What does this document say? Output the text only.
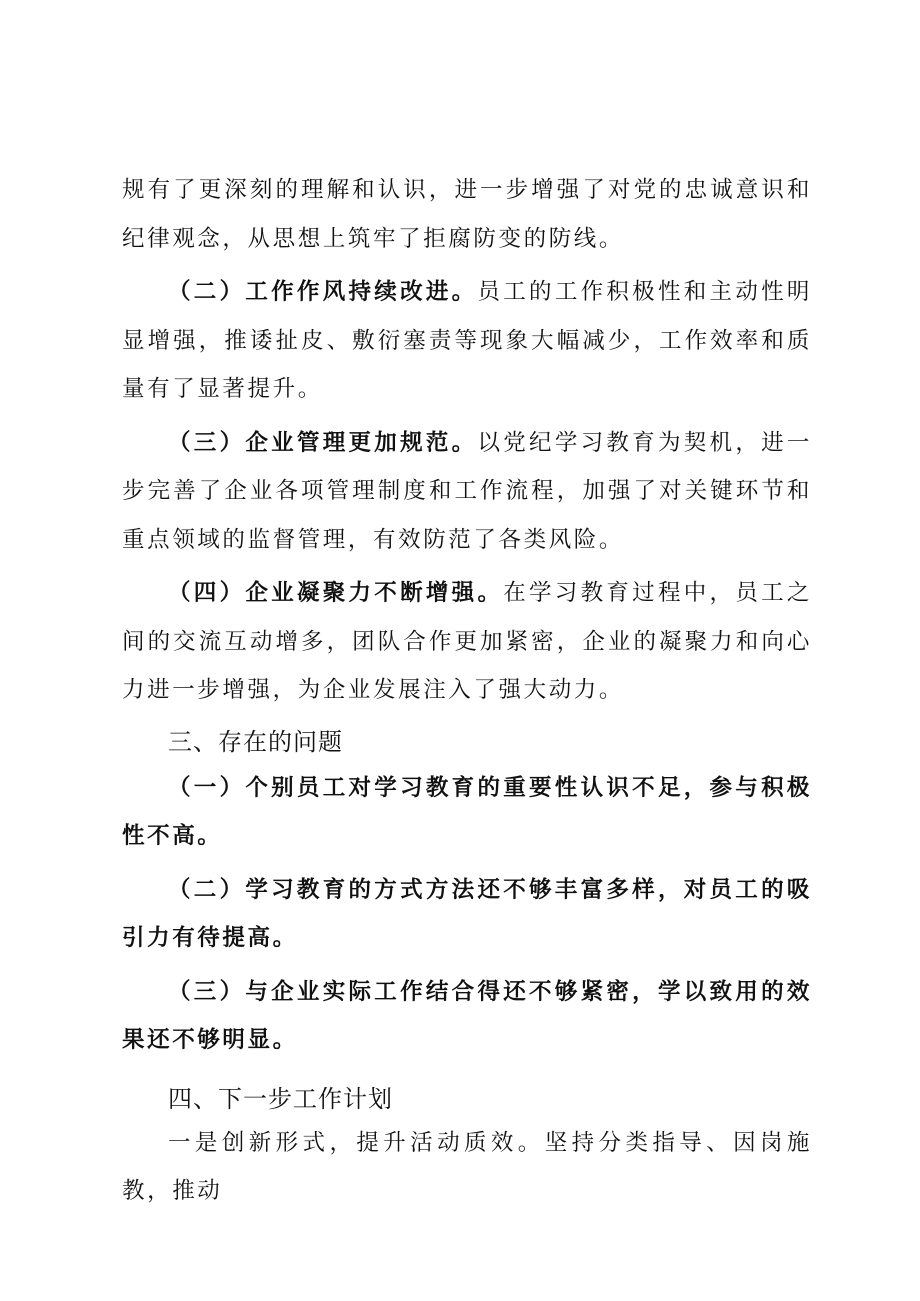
规有了更深刻的理解和认识，进一步增强了对党的忠诚意识和纪律观念，从思想上筑牢了拒腐防变的防线。

（二）工作作风持续改进。员工的工作积极性和主动性明显增强，推诿扯皮、敷衍塞责等现象大幅减少，工作效率和质量有了显著提升。

（三）企业管理更加规范。以党纪学习教育为契机，进一步完善了企业各项管理制度和工作流程，加强了对关键环节和重点领域的监督管理，有效防范了各类风险。

（四）企业凝聚力不断增强。在学习教育过程中，员工之间的交流互动增多，团队合作更加紧密，企业的凝聚力和向心力进一步增强，为企业发展注入了强大动力。

三、存在的问题

（一）个别员工对学习教育的重要性认识不足，参与积极性不高。

（二）学习教育的方式方法还不够丰富多样，对员工的吸引力有待提高。

（三）与企业实际工作结合得还不够紧密，学以致用的效果还不够明显。

四、下一步工作计划

一是创新形式，提升活动质效。坚持分类指导、因岗施教，推动
